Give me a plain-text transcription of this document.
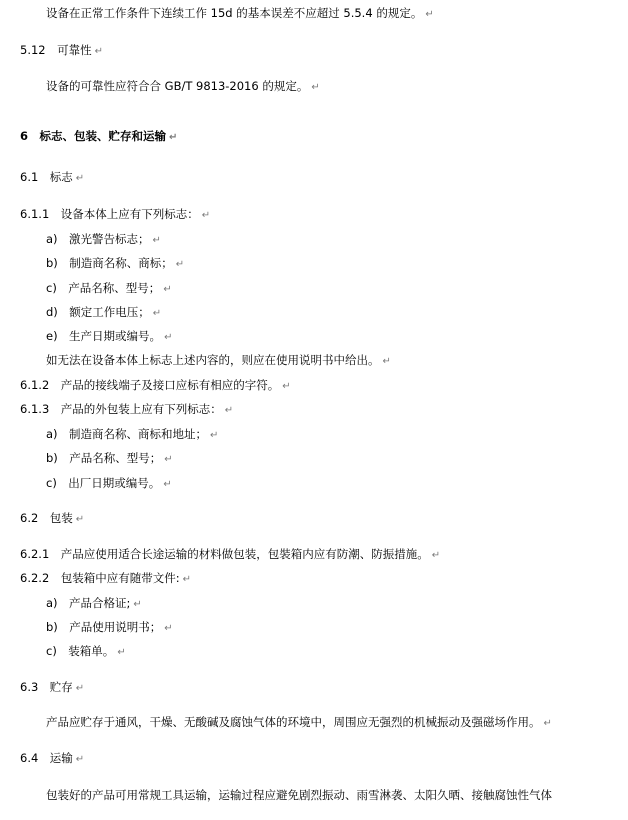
设备在正常工作条件下连续工作 15d 的基本误差不应超过 5.5.4 的规定。 ↵
5.12　可靠性 ↵
设备的可靠性应符合合 GB/T 9813-2016 的规定。 ↵
6　标志、包装、贮存和运输 ↵
6.1　标志 ↵
6.1.1　设备本体上应有下列标志： ↵
a)　激光警告标志； ↵
b)　制造商名称、商标； ↵
c)　产品名称、型号； ↵
d)　额定工作电压； ↵
e)　生产日期或编号。 ↵
如无法在设备本体上标志上述内容的，则应在使用说明书中给出。 ↵
6.1.2　产品的接线端子及接口应标有相应的字符。 ↵
6.1.3　产品的外包装上应有下列标志： ↵
a)　制造商名称、商标和地址； ↵
b)　产品名称、型号； ↵
c)　出厂日期或编号。 ↵
6.2　包装 ↵
6.2.1　产品应使用适合长途运输的材料做包装，包裝箱内应有防潮、防振措施。 ↵
6.2.2　包装箱中应有随带文件: ↵
a)　产品合格证; ↵
b)　产品使用说明书； ↵
c)　装箱单。 ↵
6.3　贮存 ↵
产品应贮存于通风，干燥、无酸碱及腐蚀气体的环境中，周围应无强烈的机械振动及强磁场作用。 ↵
6.4　运输 ↵
包装好的产品可用常规工具运输，运输过程应避免剧烈振动、雨雪淋袭、太阳久晒、接触腐蚀性气体
